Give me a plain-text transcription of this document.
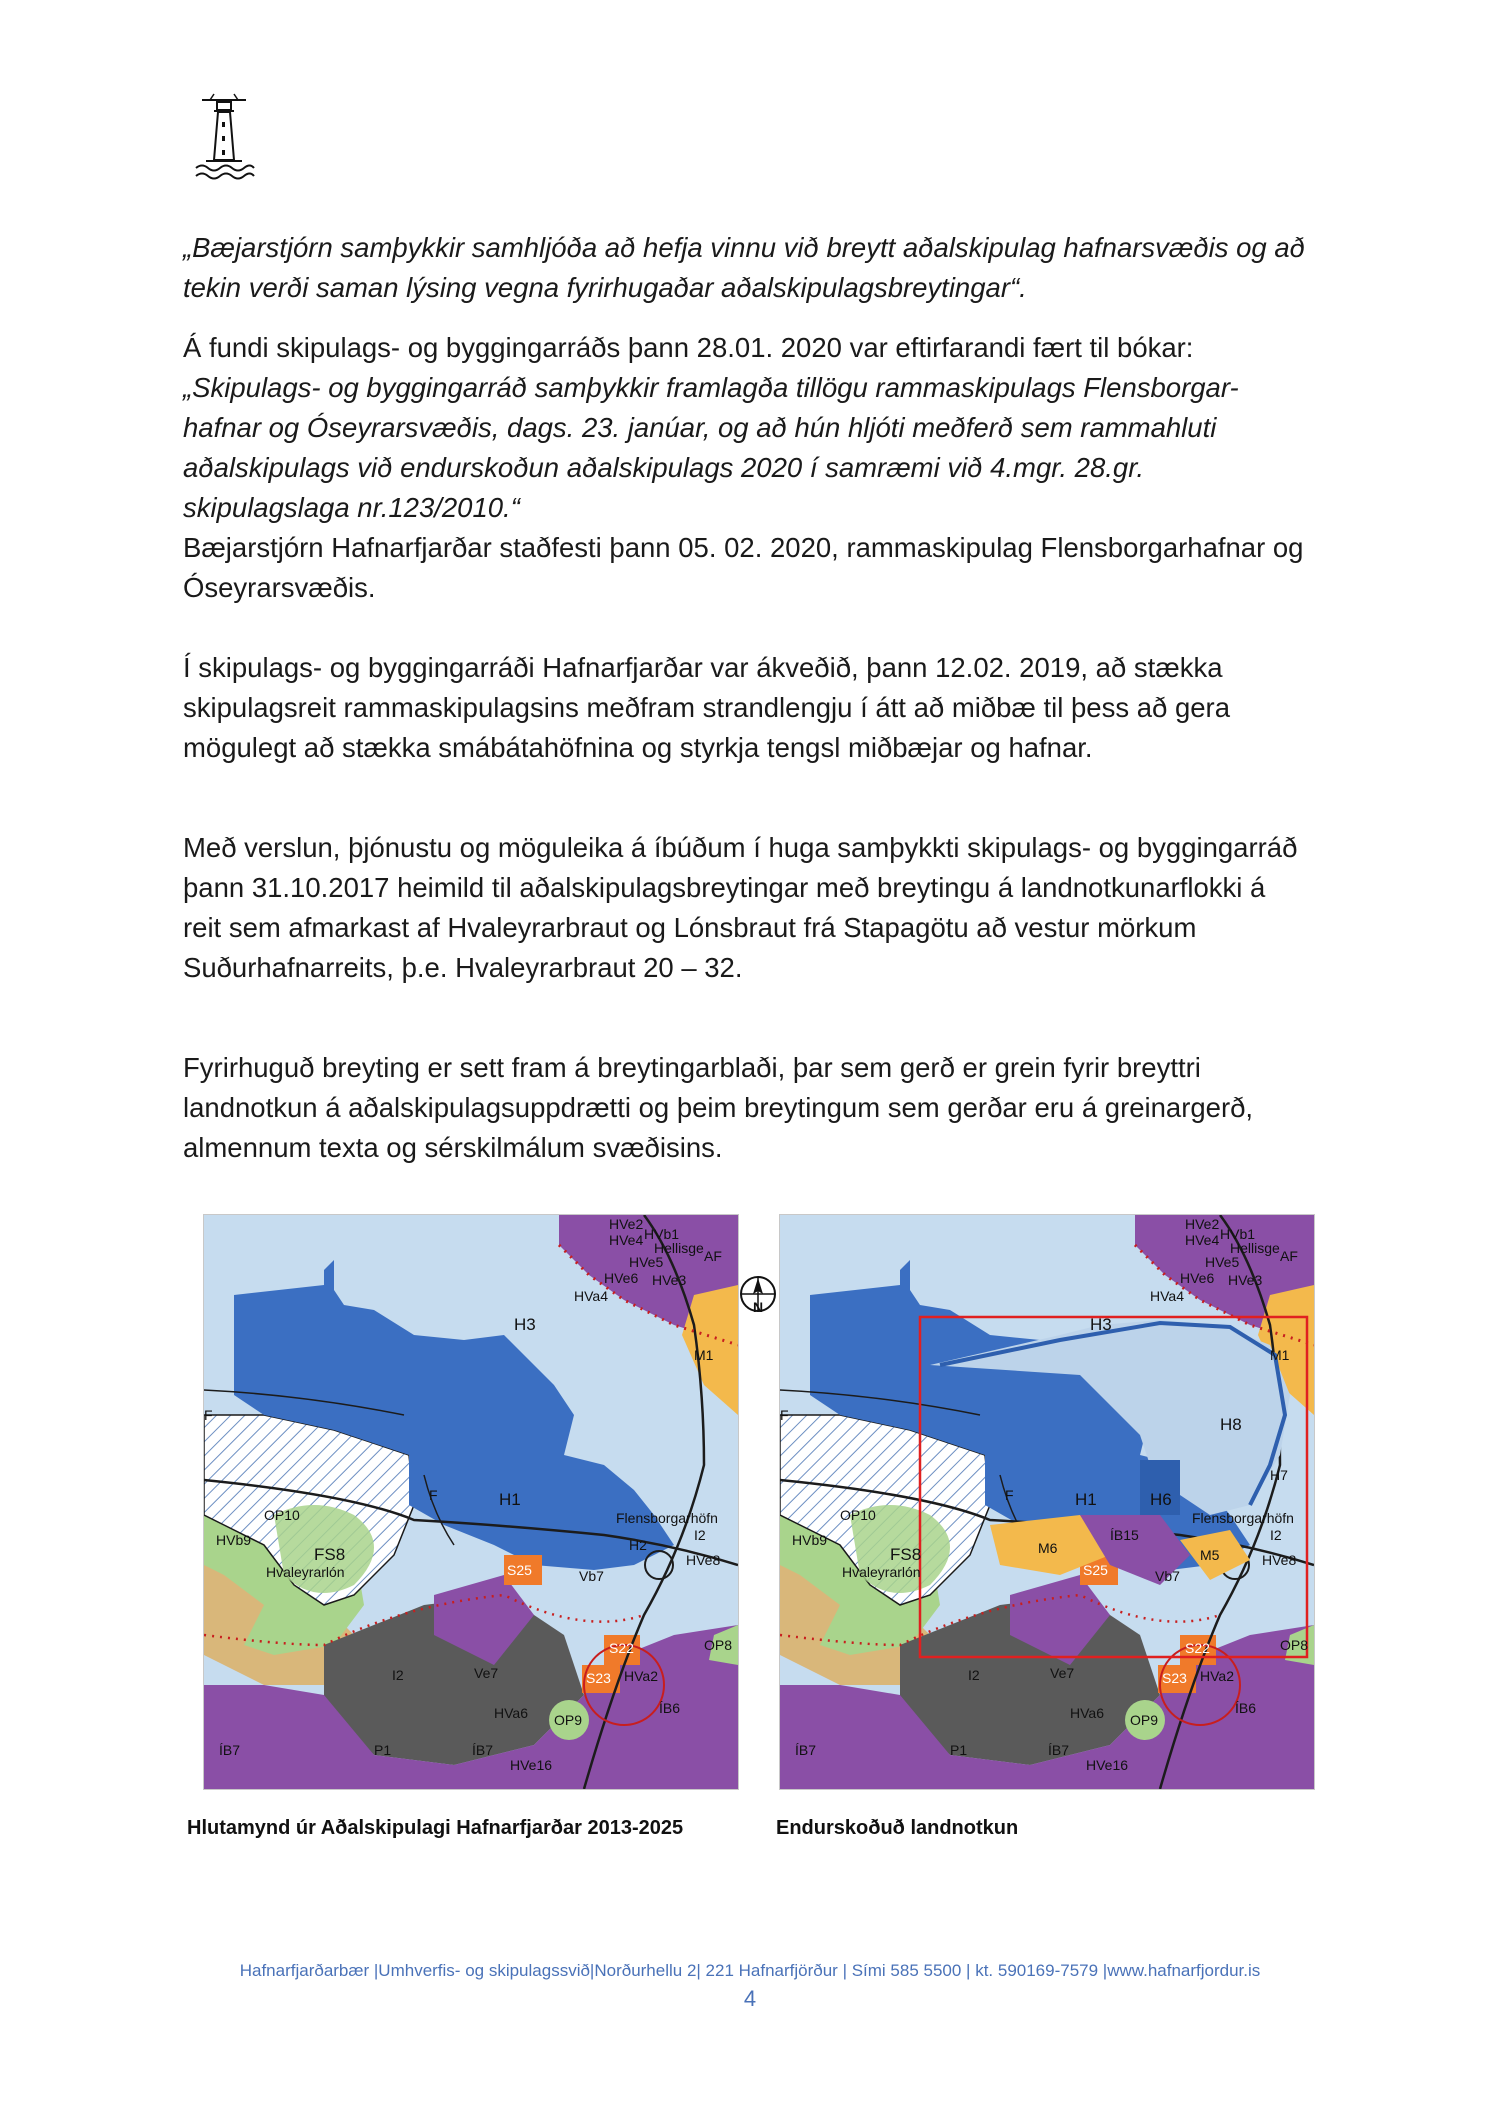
„Bæjarstjórn samþykkir samhljóða að hefja vinnu við breytt aðalskipulag hafnarsvæðis og að

tekin verði saman lýsing vegna fyrirhugaðar aðalskipulagsbreytingar“.

Á fundi skipulags- og byggingarráðs þann 28.01. 2020 var eftirfarandi fært til bókar:

„Skipulags- og byggingarráð samþykkir framlagða tillögu rammaskipulags Flensborgar-

hafnar og Óseyrarsvæðis, dags. 23. janúar, og að hún hljóti meðferð sem rammahluti

aðalskipulags við endurskoðun aðalskipulags 2020 í samræmi við 4.mgr. 28.gr.

skipulagslaga nr.123/2010.“

Bæjarstjórn Hafnarfjarðar staðfesti þann 05. 02. 2020, rammaskipulag Flensborgarhafnar og

Óseyrarsvæðis.

Í skipulags- og byggingarráði Hafnarfjarðar var ákveðið, þann 12.02. 2019, að stækka

skipulagsreit rammaskipulagsins meðfram strandlengju í átt að miðbæ til þess að gera

mögulegt að stækka smábátahöfnina og styrkja tengsl miðbæjar og hafnar.

Með verslun, þjónustu og möguleika á íbúðum í huga samþykkti skipulags- og byggingarráð

þann 31.10.2017 heimild til aðalskipulagsbreytingar með breytingu á landnotkunarflokki á

reit sem afmarkast af Hvaleyrarbraut og Lónsbraut frá Stapagötu að vestur mörkum

Suðurhafnarreits, þ.e. Hvaleyrarbraut 20 – 32.

Fyrirhuguð breyting er sett fram á breytingarblaði, þar sem gerð er grein fyrir breyttri

landnotkun á aðalskipulagsuppdrætti og þeim breytingum sem gerðar eru á greinargerð,

almennum texta og sérskilmálum svæðisins.

HVe2
HVb1
HVe4 Hellisge AF
HVe5
HVe6 HVe3
HVa4
H3
M1
F
F	H1
OP10
HVb9
FS8
Hvaleyrarlón
Flensborgarhöfn
I2
HVe8
S25	Vb7
S22	OP8
S23 HVa2
I2	Ve7
OP9
HVa6	ÍB6
ÍB7	ÍB7
HVe16
P1
H2
HVe2
HVb1
HVe4 Hellisge AF
HVe5
HVe6 HVe3
HVa4
H3
M1
F
F	H1
OP10
HVb9
FS8
Hvaleyrarlón
Flensborgarhöfn
I2
HVe8
S25	Vb7
S22	OP8
S23 HVa2
I2	Ve7
OP9
HVa6	ÍB6
ÍB7	ÍB7
HVe16
P1
H8
H7
H6
M6
ÍB15
M5
N
Hlutamynd úr Aðalskipulagi Hafnarfjarðar 2013-2025	Endurskoðuð landnotkun
Hafnarfjarðarbær |Umhverfis- og skipulagssvið|Norðurhellu 2| 221 Hafnarfjörður | Sími 585 5500 | kt. 590169-7579 |www.hafnarfjordur.is
4
